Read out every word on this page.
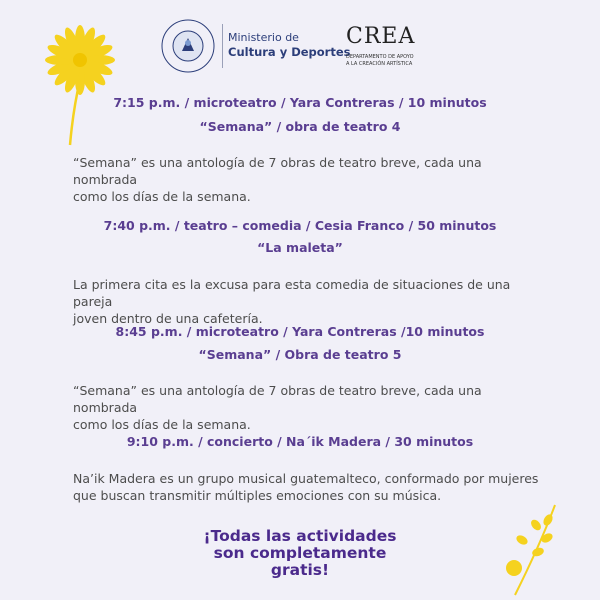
Ministerio de
Cultura y Deportes
CREA
DEPARTAMENTO DE APOYO
A LA CREACIÓN ARTÍSTICA
7:15 p.m. / microteatro / Yara Contreras / 10 minutos
“Semana” / obra de teatro 4
“Semana” es una antología de 7 obras de teatro breve, cada una nombrada
como los días de la semana.
7:40 p.m. / teatro – comedia / Cesia Franco / 50 minutos
“La maleta”
La primera cita es la excusa para esta comedia de situaciones de una pareja
joven dentro de una cafetería.
8:45 p.m. / microteatro / Yara Contreras /10 minutos
“Semana” / Obra de teatro 5
“Semana” es una antología de 7 obras de teatro breve, cada una nombrada
como los días de la semana.
9:10 p.m. / concierto / Na´ik Madera / 30 minutos
Na’ik Madera es un grupo musical guatemalteco, conformado por mujeres
que buscan transmitir múltiples emociones con su música.
¡Todas las actividades
son completamente
gratis!
